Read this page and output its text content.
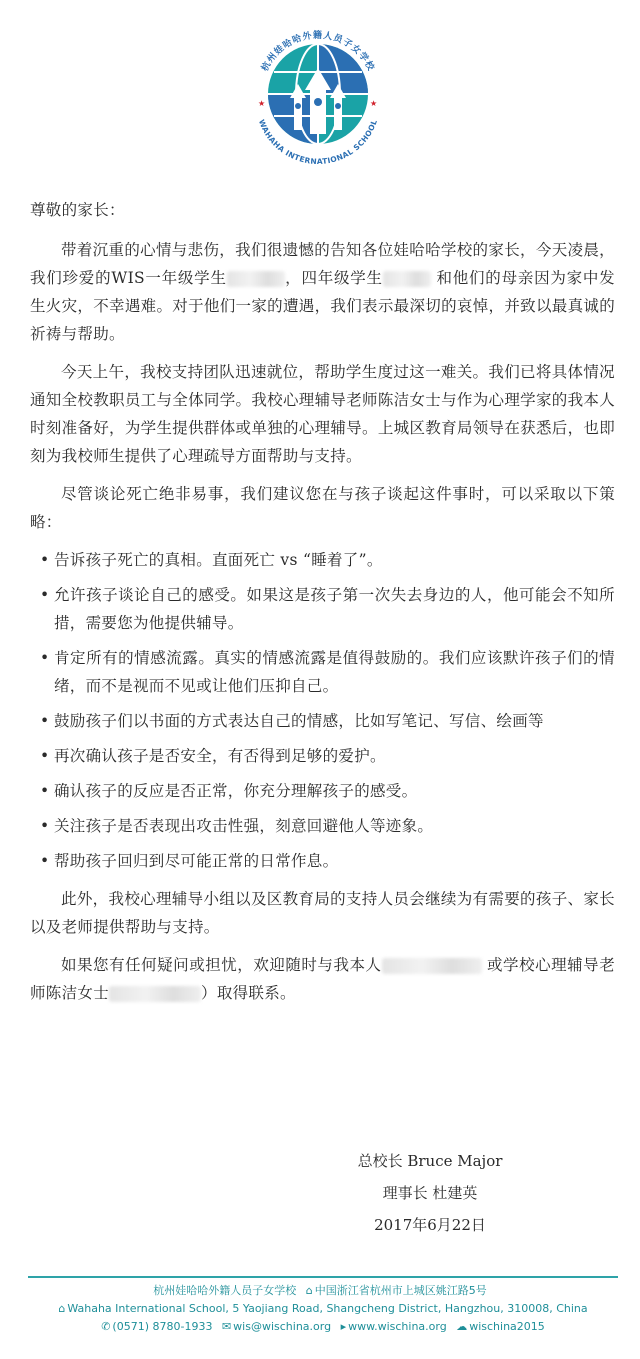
杭州娃哈哈外籍人员子女学校
WAHAHA INTERNATIONAL SCHOOL
★	★

尊敬的家长：

带着沉重的心情与悲伤，我们很遗憾的告知各位娃哈哈学校的家长，今天凌晨，我们珍爱的WIS一年级学生	，四年级学生	和他们的母亲因为家中发生火灾，不幸遇难。对于他们一家的遭遇，我们表示最深切的哀悼，并致以最真诚的祈祷与帮助。

今天上午，我校支持团队迅速就位，帮助学生度过这一难关。我们已将具体情况通知全校教职员工与全体同学。我校心理辅导老师陈洁女士与作为心理学家的我本人时刻准备好，为学生提供群体或单独的心理辅导。上城区教育局领导在获悉后，也即刻为我校师生提供了心理疏导方面帮助与支持。

尽管谈论死亡绝非易事，我们建议您在与孩子谈起这件事时，可以采取以下策略：

• 告诉孩子死亡的真相。直面死亡 vs “睡着了”。
• 允许孩子谈论自己的感受。如果这是孩子第一次失去身边的人，他可能会不知所措，需要您为他提供辅导。
• 肯定所有的情感流露。真实的情感流露是值得鼓励的。我们应该默许孩子们的情绪，而不是视而不见或让他们压抑自己。
• 鼓励孩子们以书面的方式表达自己的情感，比如写笔记、写信、绘画等
• 再次确认孩子是否安全，有否得到足够的爱护。
• 确认孩子的反应是否正常，你充分理解孩子的感受。
• 关注孩子是否表现出攻击性强，刻意回避他人等迹象。
• 帮助孩子回归到尽可能正常的日常作息。

此外，我校心理辅导小组以及区教育局的支持人员会继续为有需要的孩子、家长以及老师提供帮助与支持。

如果您有任何疑问或担忧，欢迎随时与我本人	或学校心理辅导老师陈洁女士	）取得联系。

总校长 Bruce Major
理事长 杜建英
2017年6月22日
杭州娃哈哈外籍人员子女学校 ⌂ 中国浙江省杭州市上城区姚江路5号
⌂ Wahaha International School, 5 Yaojiang Road, Shangcheng District, Hangzhou, 310008, China
✆ (0571) 8780-1933 ✉ wis@wischina.org ▸ www.wischina.org ☁ wischina2015
